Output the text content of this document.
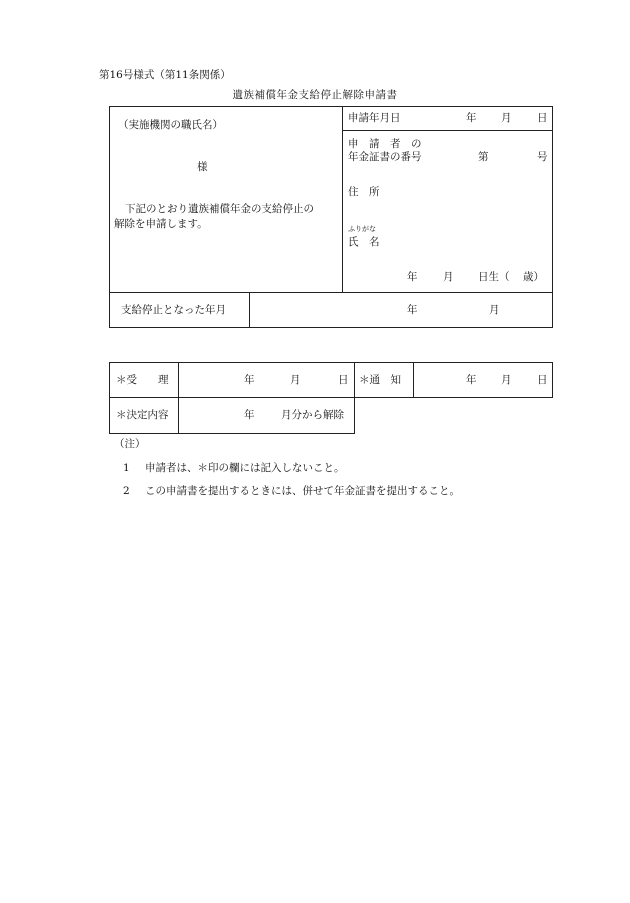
第16号様式（第11条関係）
遺族補償年金支給停止解除申請書
（実施機関の職氏名）
様
下記のとおり遺族補償年金の支給停止の
解除を申請します。
申請年月日	年 月 日
申　請　者　の
年金証書の番号	第	号
住　所
ふりがな
氏　名
年 月 日生（ 歳）
支給停止となった年月	年	月
＊受　　理	年	月	日 ＊通　知	年 月 日
＊決定内容	年	月分から解除
（注）
1 申請者は、＊印の欄には記入しないこと。
2 この申請書を提出するときには、併せて年金証書を提出すること。
